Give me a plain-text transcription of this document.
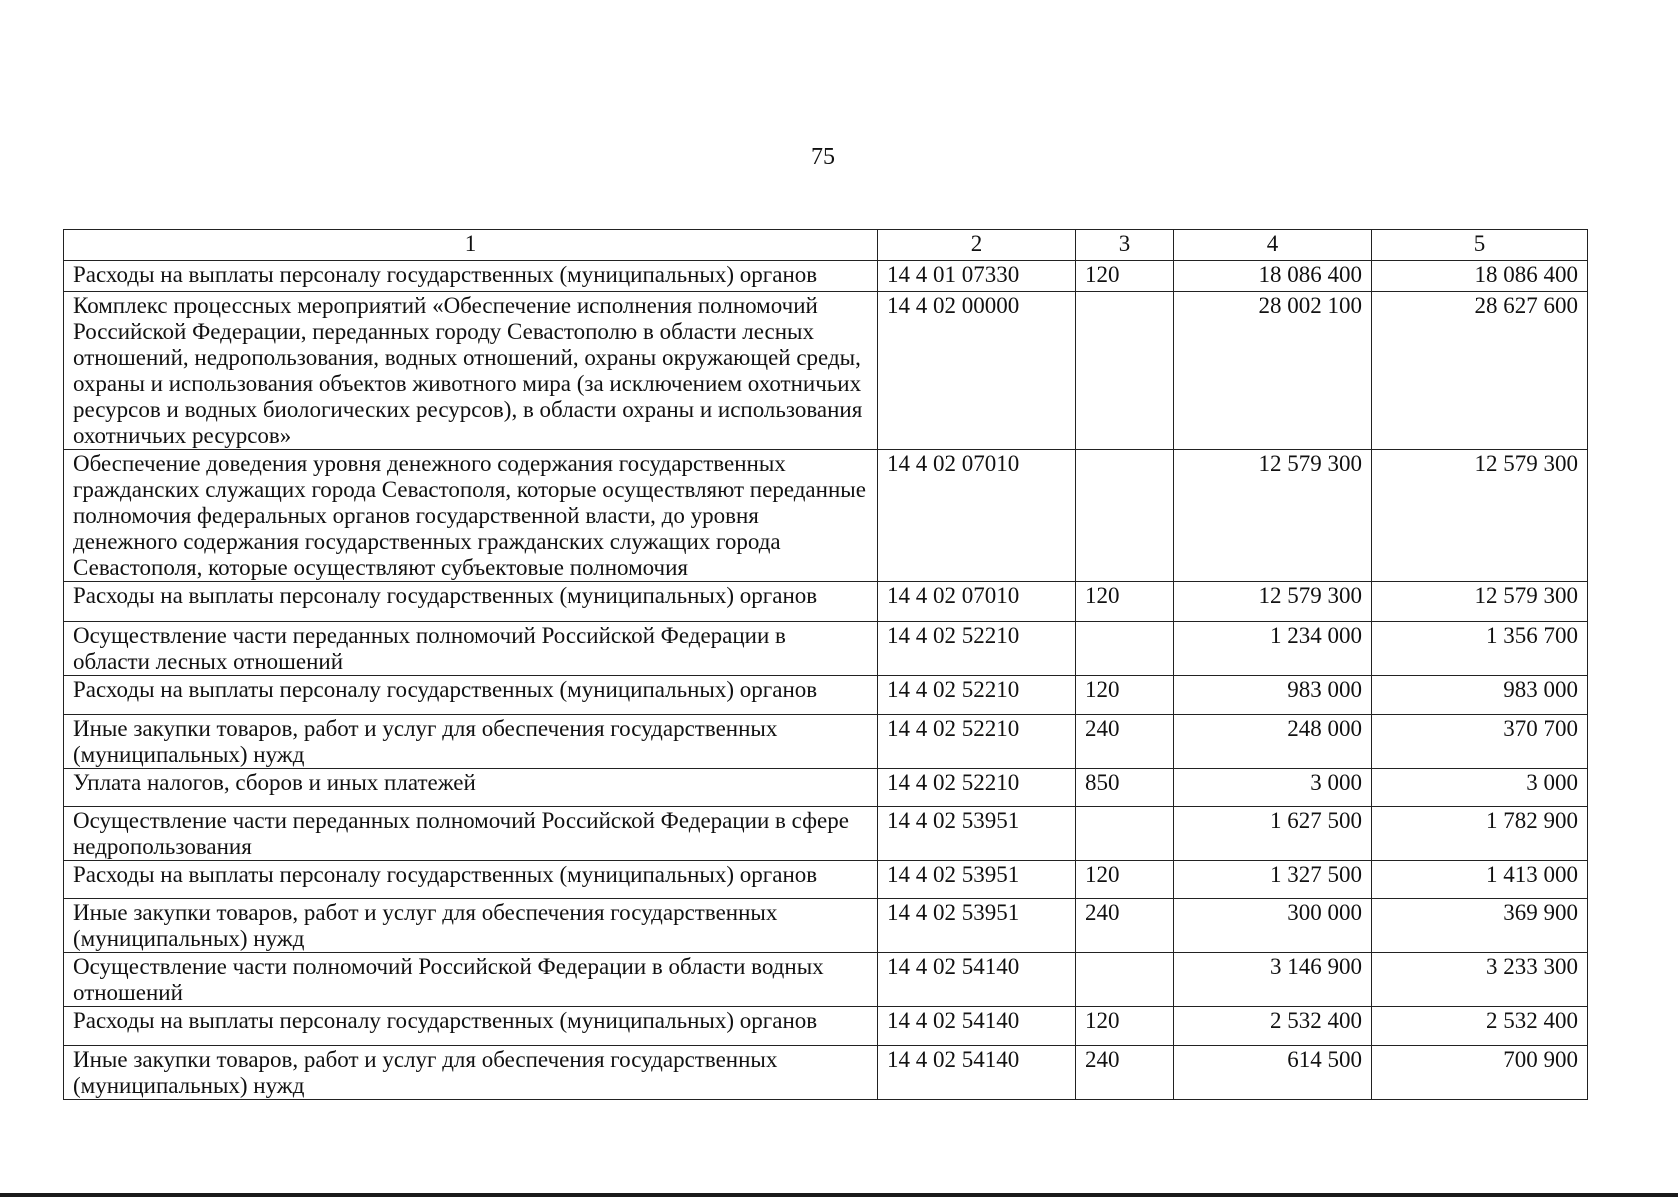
75
1	2	3	4	5
Расходы на выплаты персоналу государственных (муниципальных) органов	14 4 01 07330	120	18 086 400	18 086 400
Комплекс процессных мероприятий «Обеспечение исполнения полномочий Российской Федерации, переданных городу Севастополю в области лесных отношений, недропользования, водных отношений, охраны окружающей среды, охраны и использования объектов животного мира (за исключением охотничьих ресурсов и водных биологических ресурсов), в области охраны и использования охотничьих ресурсов»	14 4 02 00000		28 002 100	28 627 600
Обеспечение доведения уровня денежного содержания государственных гражданских служащих города Севастополя, которые осуществляют переданные полномочия федеральных органов государственной власти, до уровня денежного содержания государственных гражданских служащих города Севастополя, которые осуществляют субъектовые полномочия	14 4 02 07010		12 579 300	12 579 300
Расходы на выплаты персоналу государственных (муниципальных) органов	14 4 02 07010	120	12 579 300	12 579 300
Осуществление части переданных полномочий Российской Федерации в области лесных отношений	14 4 02 52210		1 234 000	1 356 700
Расходы на выплаты персоналу государственных (муниципальных) органов	14 4 02 52210	120	983 000	983 000
Иные закупки товаров, работ и услуг для обеспечения государственных (муниципальных) нужд	14 4 02 52210	240	248 000	370 700
Уплата налогов, сборов и иных платежей	14 4 02 52210	850	3 000	3 000
Осуществление части переданных полномочий Российской Федерации в сфере недропользования	14 4 02 53951		1 627 500	1 782 900
Расходы на выплаты персоналу государственных (муниципальных) органов	14 4 02 53951	120	1 327 500	1 413 000
Иные закупки товаров, работ и услуг для обеспечения государственных (муниципальных) нужд	14 4 02 53951	240	300 000	369 900
Осуществление части полномочий Российской Федерации в области водных отношений	14 4 02 54140		3 146 900	3 233 300
Расходы на выплаты персоналу государственных (муниципальных) органов	14 4 02 54140	120	2 532 400	2 532 400
Иные закупки товаров, работ и услуг для обеспечения государственных (муниципальных) нужд	14 4 02 54140	240	614 500	700 900
